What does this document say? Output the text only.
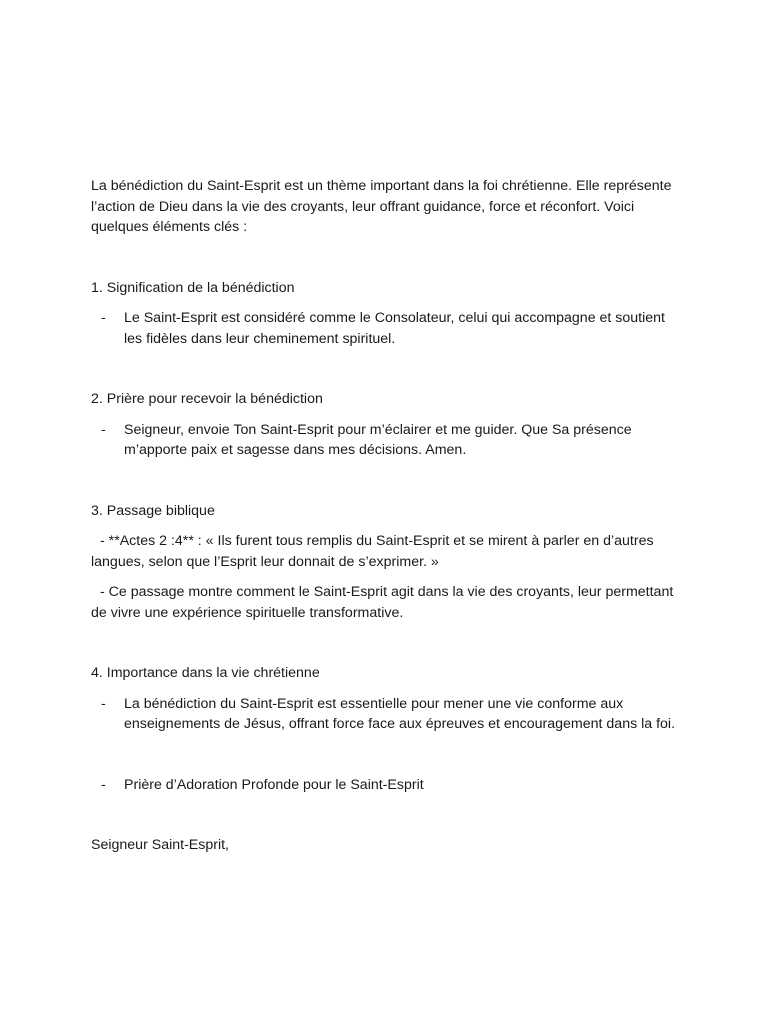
La bénédiction du Saint-Esprit est un thème important dans la foi chrétienne. Elle représente l’action de Dieu dans la vie des croyants, leur offrant guidance, force et réconfort. Voici quelques éléments clés :

1. Signification de la bénédiction

- Le Saint-Esprit est considéré comme le Consolateur, celui qui accompagne et soutient les fidèles dans leur cheminement spirituel.

2. Prière pour recevoir la bénédiction

- Seigneur, envoie Ton Saint-Esprit pour m’éclairer et me guider. Que Sa présence m’apporte paix et sagesse dans mes décisions. Amen.

3. Passage biblique

- **Actes 2 :4** : « Ils furent tous remplis du Saint-Esprit et se mirent à parler en d’autres langues, selon que l’Esprit leur donnait de s’exprimer. »

- Ce passage montre comment le Saint-Esprit agit dans la vie des croyants, leur permettant de vivre une expérience spirituelle transformative.

4. Importance dans la vie chrétienne

- La bénédiction du Saint-Esprit est essentielle pour mener une vie conforme aux enseignements de Jésus, offrant force face aux épreuves et encouragement dans la foi.
- Prière d’Adoration Profonde pour le Saint-Esprit

Seigneur Saint-Esprit,
